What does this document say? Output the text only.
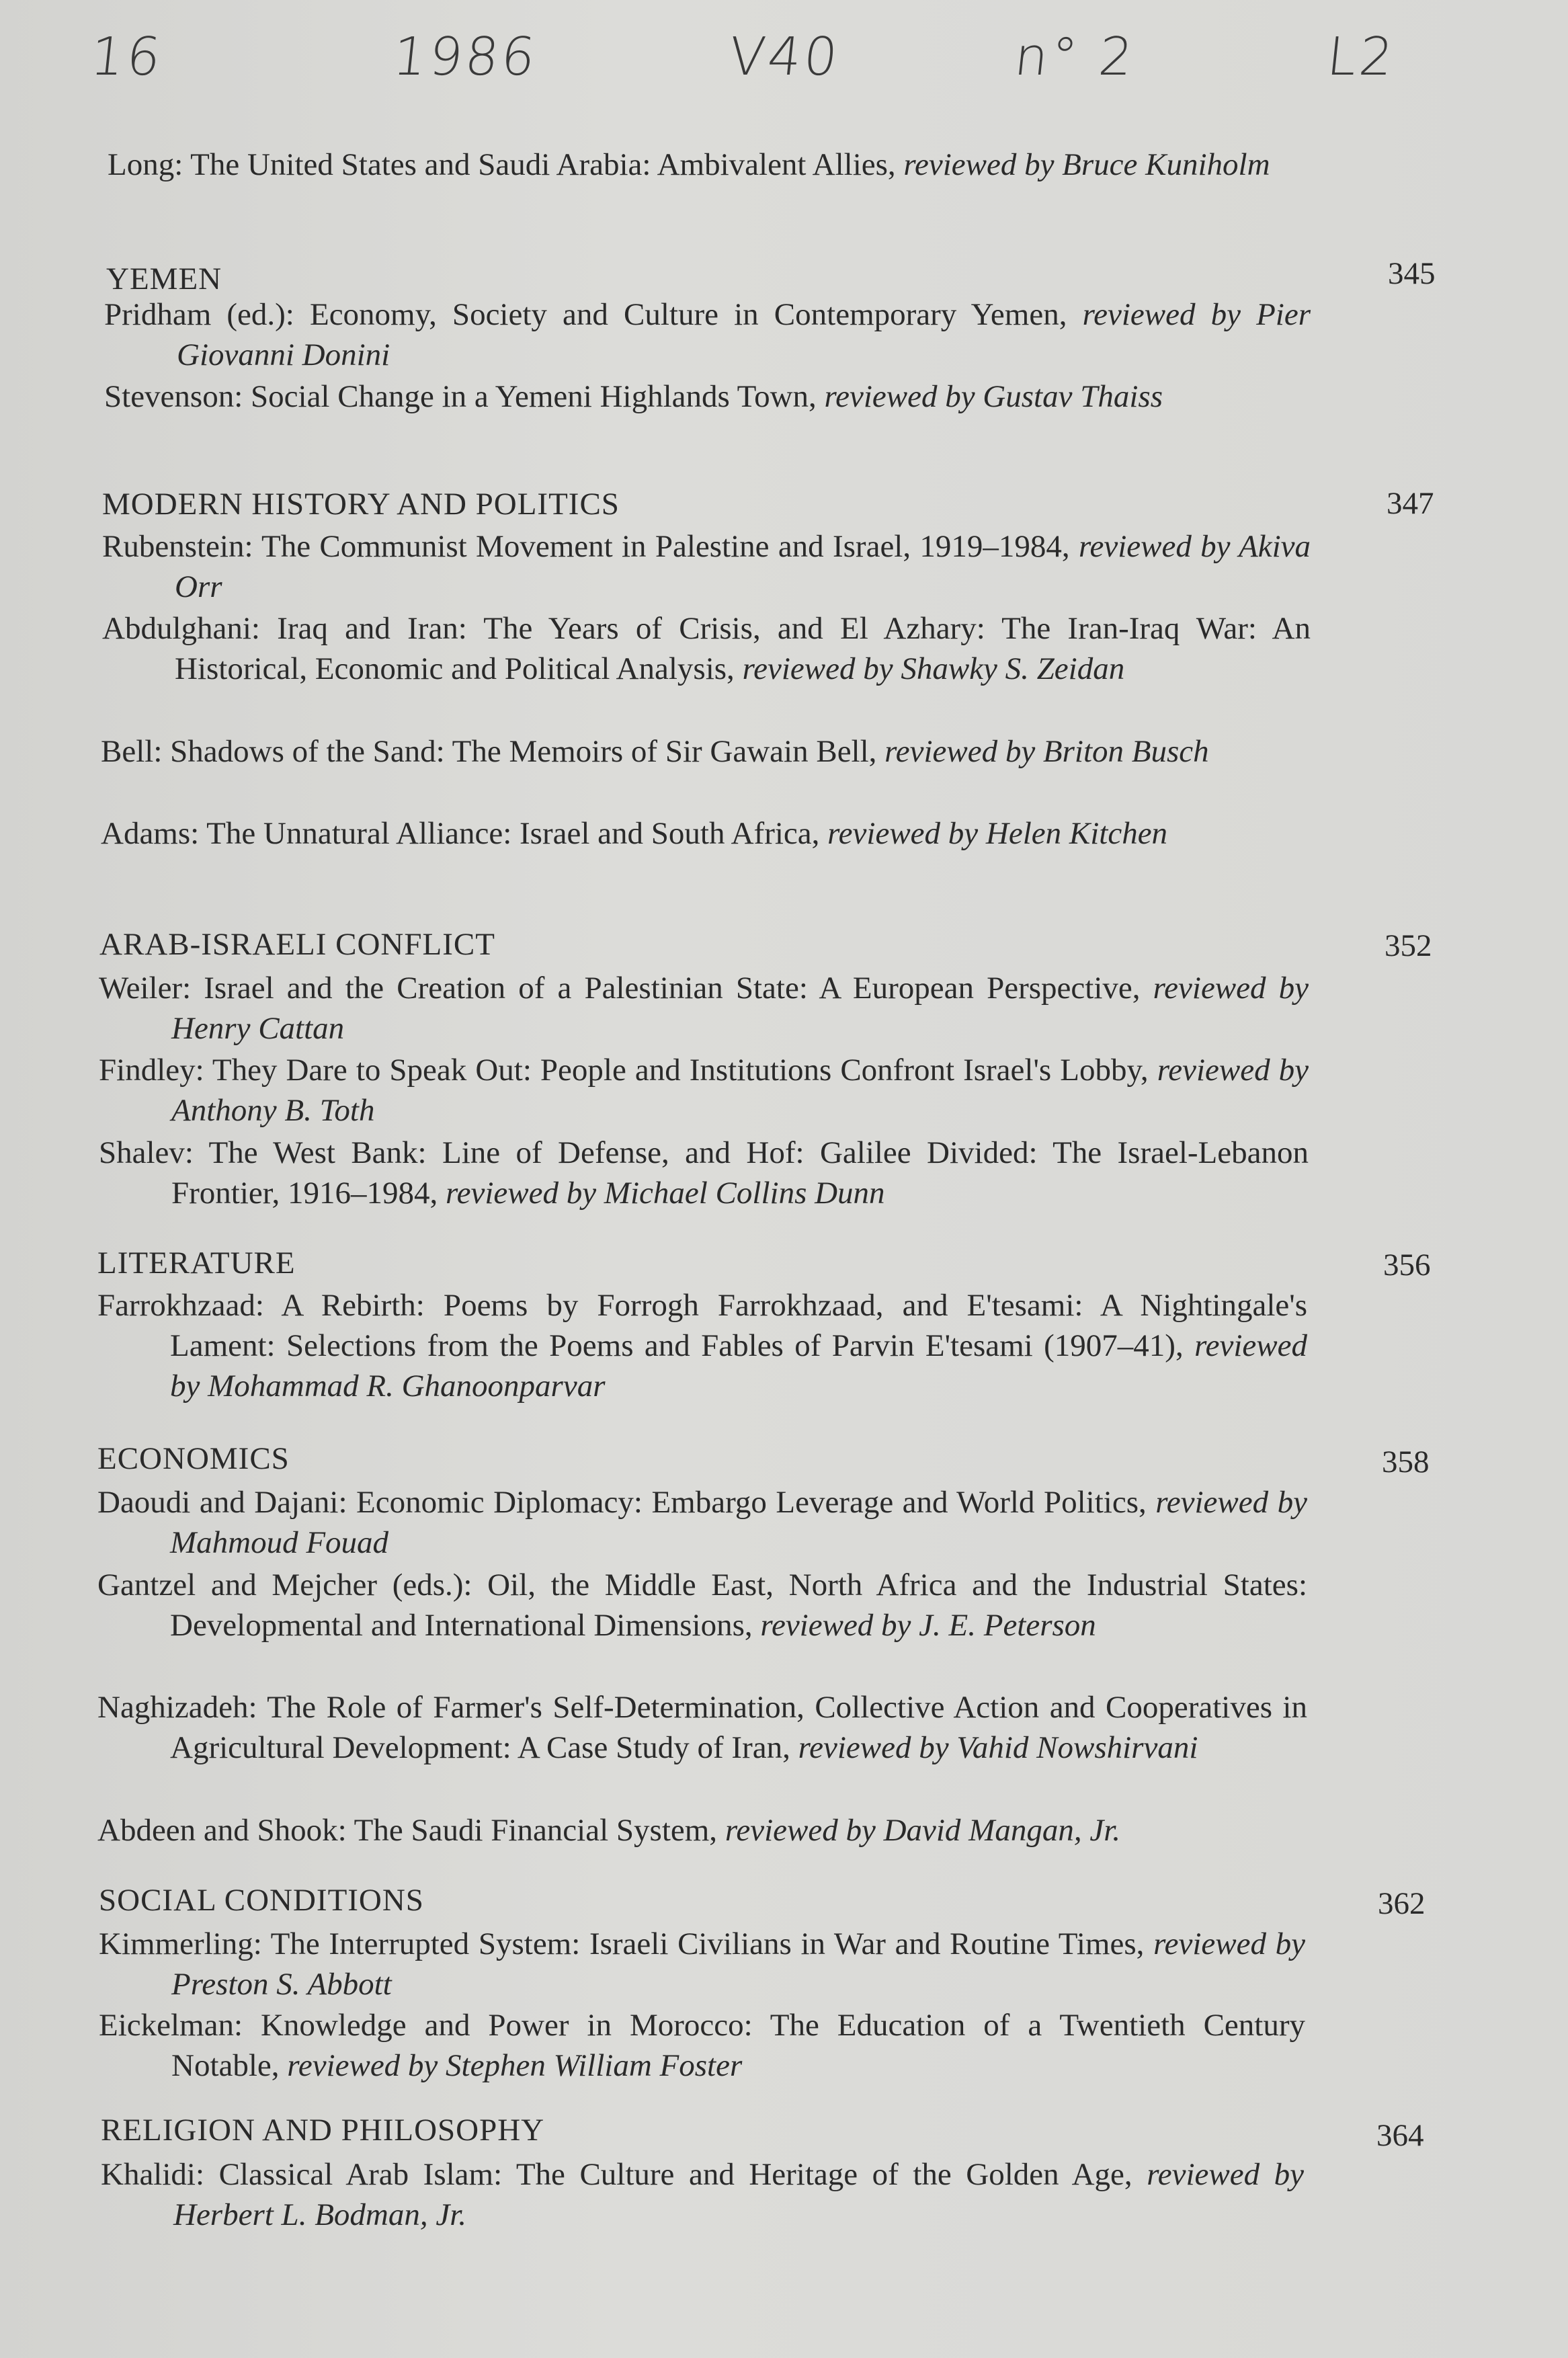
16	1986	V40	n° 2	L2
Long: The United States and Saudi Arabia: Ambivalent Allies, reviewed by Bruce Kuniholm
YEMEN	345
Pridham (ed.): Economy, Society and Culture in Contemporary Yemen, reviewed by Pier Giovanni Donini
Stevenson: Social Change in a Yemeni Highlands Town, reviewed by Gustav Thaiss
MODERN HISTORY AND POLITICS	347
Rubenstein: The Communist Movement in Palestine and Israel, 1919–1984, reviewed by Akiva Orr
Abdulghani: Iraq and Iran: The Years of Crisis, and El Azhary: The Iran-Iraq War: An Historical, Economic and Political Analysis, reviewed by Shawky S. Zeidan
Bell: Shadows of the Sand: The Memoirs of Sir Gawain Bell, reviewed by Briton Busch
Adams: The Unnatural Alliance: Israel and South Africa, reviewed by Helen Kitchen
ARAB-ISRAELI CONFLICT	352
Weiler: Israel and the Creation of a Palestinian State: A European Perspective, reviewed by Henry Cattan
Findley: They Dare to Speak Out: People and Institutions Confront Israel's Lobby, reviewed by Anthony B. Toth
Shalev: The West Bank: Line of Defense, and Hof: Galilee Divided: The Israel-Lebanon Frontier, 1916–1984, reviewed by Michael Collins Dunn
LITERATURE	356
Farrokhzaad: A Rebirth: Poems by Forrogh Farrokhzaad, and E'tesami: A Nightingale's Lament: Selections from the Poems and Fables of Parvin E'tesami (1907–41), reviewed by Mohammad R. Ghanoonparvar
ECONOMICS	358
Daoudi and Dajani: Economic Diplomacy: Embargo Leverage and World Politics, reviewed by Mahmoud Fouad
Gantzel and Mejcher (eds.): Oil, the Middle East, North Africa and the Industrial States: Developmental and International Dimensions, reviewed by J. E. Peterson
Naghizadeh: The Role of Farmer's Self-Determination, Collective Action and Cooperatives in Agricultural Development: A Case Study of Iran, reviewed by Vahid Nowshirvani
Abdeen and Shook: The Saudi Financial System, reviewed by David Mangan, Jr.
SOCIAL CONDITIONS	362
Kimmerling: The Interrupted System: Israeli Civilians in War and Routine Times, reviewed by Preston S. Abbott
Eickelman: Knowledge and Power in Morocco: The Education of a Twentieth Century Notable, reviewed by Stephen William Foster
RELIGION AND PHILOSOPHY	364
Khalidi: Classical Arab Islam: The Culture and Heritage of the Golden Age, reviewed by Herbert L. Bodman, Jr.
